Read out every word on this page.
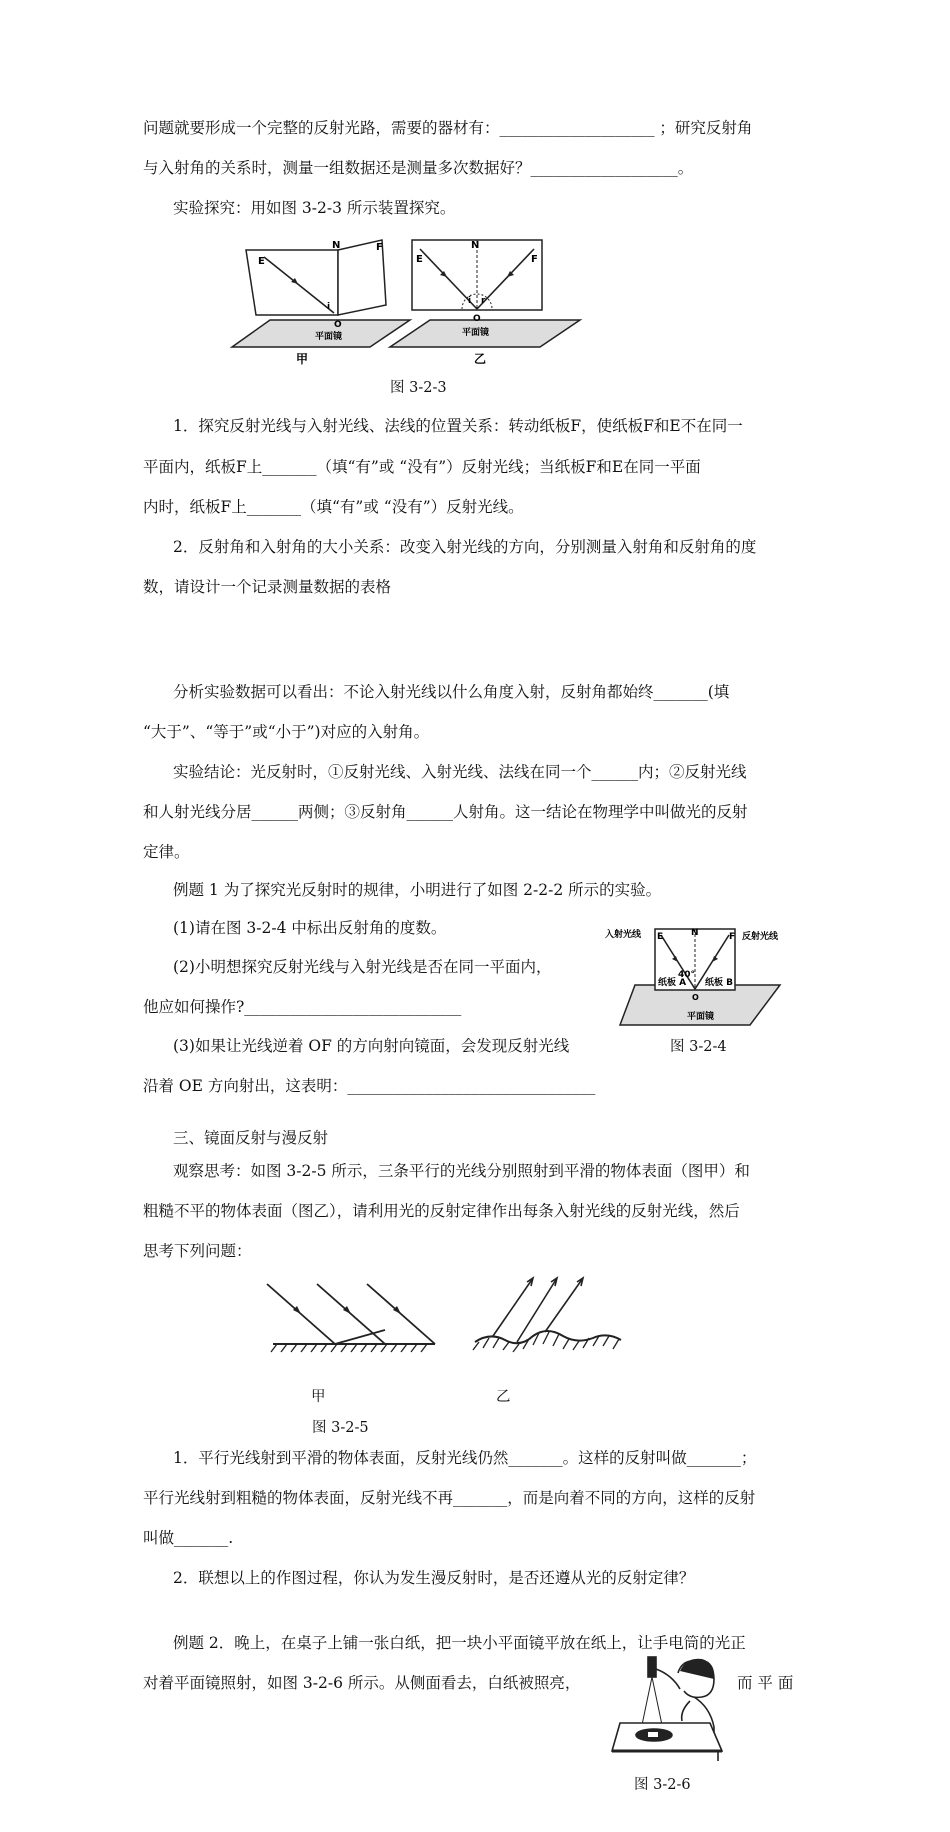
问题就要形成一个完整的反射光路，需要的器材有：____________________ ；研究反射角
与入射角的关系时，测量一组数据还是测量多次数据好？___________________。
实验探究：用如图 3-2-3 所示装置探究。
E
N	F
i
O
平面镜
甲
E
N
F
i r
O
平面镜
乙
图 3-2-3
1．探究反射光线与入射光线、法线的位置关系：转动纸板F，使纸板F和E不在同一
平面内，纸板F上_______（填“有”或 “没有”）反射光线；当纸板F和E在同一平面
内时，纸板F上_______（填“有”或 “没有”）反射光线。
2．反射角和入射角的大小关系：改变入射光线的方向，分别测量入射角和反射角的度
数，请设计一个记录测量数据的表格
分析实验数据可以看出：不论入射光线以什么角度入射，反射角都始终_______(填
“大于”、“等于”或“小于”)对应的入射角。
实验结论：光反射时，①反射光线、入射光线、法线在同一个______内；②反射光线
和人射光线分居______两侧；③反射角______人射角。这一结论在物理学中叫做光的反射
定律。
例题 1 为了探究光反射时的规律，小明进行了如图 2-2-2 所示的实验。
(1)请在图 3-2-4 中标出反射角的度数。
(2)小明想探究反射光线与入射光线是否在同一平面内，
他应如何操作?____________________________
(3)如果让光线逆着 OF 的方向射向镜面，会发现反射光线
沿着 OE 方向射出，这表明：________________________________
入射光线 E	N	F 反射光线
40°
纸板 A 纸板 B
O
平面镜
图 3-2-4
三、镜面反射与漫反射
观察思考：如图 3-2-5 所示，三条平行的光线分别照射到平滑的物体表面（图甲）和
粗糙不平的物体表面（图乙），请利用光的反射定律作出每条入射光线的反射光线，然后
思考下列问题：
甲	乙
图 3-2-5
1．平行光线射到平滑的物体表面，反射光线仍然_______。这样的反射叫做_______；
平行光线射到粗糙的物体表面，反射光线不再_______，而是向着不同的方向，这样的反射
叫做_______.
2．联想以上的作图过程，你认为发生漫反射时，是否还遵从光的反射定律？
例题 2．晚上，在桌子上铺一张白纸，把一块小平面镜平放在纸上，让手电筒的光正
对着平面镜照射，如图 3-2-6 所示。从侧面看去，白纸被照亮，	而 平 面
图 3-2-6
